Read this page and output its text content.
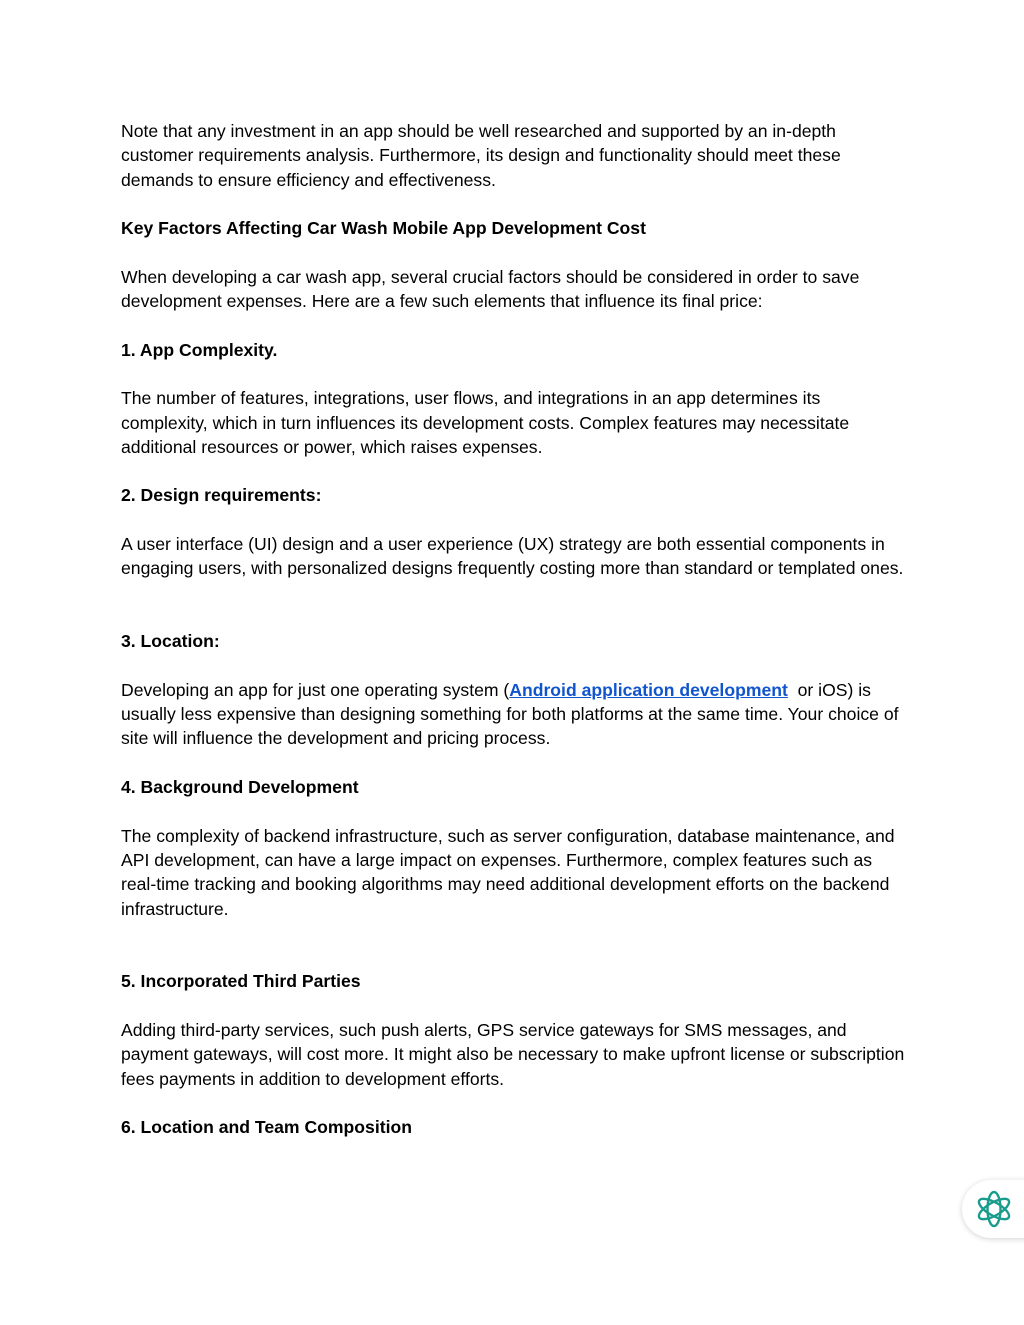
Note that any investment in an app should be well researched and supported by an in-depth customer requirements analysis. Furthermore, its design and functionality should meet these demands to ensure efficiency and effectiveness.

Key Factors Affecting Car Wash Mobile App Development Cost

When developing a car wash app, several crucial factors should be considered in order to save development expenses. Here are a few such elements that influence its final price:

1. App Complexity.

The number of features, integrations, user flows, and integrations in an app determines its complexity, which in turn influences its development costs. Complex features may necessitate additional resources or power, which raises expenses.

2. Design requirements:

A user interface (UI) design and a user experience (UX) strategy are both essential components in engaging users, with personalized designs frequently costing more than standard or templated ones.

3. Location:

Developing an app for just one operating system (Android application development  or iOS) is usually less expensive than designing something for both platforms at the same time. Your choice of site will influence the development and pricing process.

4. Background Development

The complexity of backend infrastructure, such as server configuration, database maintenance, and API development, can have a large impact on expenses. Furthermore, complex features such as real-time tracking and booking algorithms may need additional development efforts on the backend infrastructure.

5. Incorporated Third Parties

Adding third-party services, such push alerts, GPS service gateways for SMS messages, and payment gateways, will cost more. It might also be necessary to make upfront license or subscription fees payments in addition to development efforts.

6. Location and Team Composition
